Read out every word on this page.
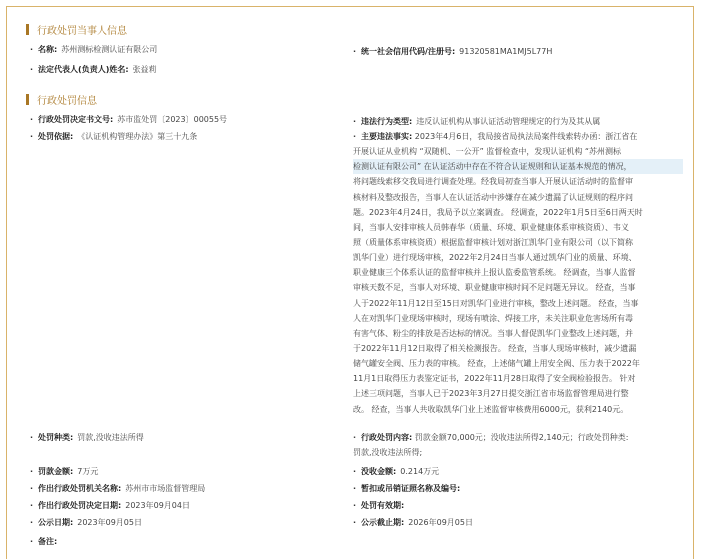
行政处罚当事人信息
· 名称: 苏州测标检测认证有限公司	· 统一社会信用代码/注册号: 91320581MA1MJ5L77H
· 法定代表人(负责人)姓名: 张益莉
行政处罚信息
· 行政处罚决定书文号: 苏市监处罚〔2023〕00055号	· 违法行为类型: 违反认证机构从事认证活动管理规定的行为及其从属
· 处罚依据: 《认证机构管理办法》第三十九条	· 主要违法事实: 2023年4月6日，我局接省局执法局案件线索转办函：浙江省在
开展认证从业机构 “双随机、一公开” 监督检查中，发现认证机构 “苏州测标
检测认证有限公司” 在认证活动中存在不符合认证规则和认证基本规范的情况，
将问题线索移交我局进行调查处理。经我局初查当事人开展认证活动时的监督审
核材料及整改报告，当事人在认证活动中涉嫌存在减少遗漏了认证规则的程序问
题。2023年4月24日，我局予以立案调查。 经调查，2022年1月5日至6日两天时
间，当事人安排审核人员韩春华（质量、环境、职业健康体系审核资质）、韦义
照（质量体系审核资质）根据监督审核计划对浙江凯华门业有限公司（以下简称
凯华门业）进行现场审核，2022年2月24日当事人通过凯华门业的质量、环境、
职业健康三个体系认证的监督审核并上报认监委监管系统。 经调查，当事人监督
审核天数不足，当事人对环境、职业健康审核时间不足问题无异议。 经查，当事
人于2022年11月12日至15日对凯华门业进行审核，整改上述问题。 经查，当事
人在对凯华门业现场审核时，现场有喷涂、焊接工序，未关注职业危害场所有毒
有害气体、粉尘的排放是否达标的情况。当事人督促凯华门业整改上述问题，并
于2022年11月12日取得了相关检测报告。 经查，当事人现场审核时，减少遗漏
储气罐安全阀、压力表的审核。 经查，上述储气罐上用安全阀、压力表于2022年
11月1日取得压力表鉴定证书，2022年11月28日取得了安全阀检验报告。 针对
上述三项问题，当事人已于2023年3月27日提交浙江省市场监督管理局进行整
改。 经查，当事人共收取凯华门业上述监督审核费用6000元，获利2140元。
· 处罚种类: 罚款,没收违法所得	· 行政处罚内容: 罚款金额70,000元；没收违法所得2,140元；行政处罚种类:
罚款,没收违法所得;
· 罚款金额: 7万元	· 没收金额: 0.214万元
· 作出行政处罚机关名称: 苏州市市场监督管理局	· 暂扣或吊销证照名称及编号:
· 作出行政处罚决定日期: 2023年09月04日	· 处罚有效期:
· 公示日期: 2023年09月05日	· 公示截止期: 2026年09月05日
· 备注:
